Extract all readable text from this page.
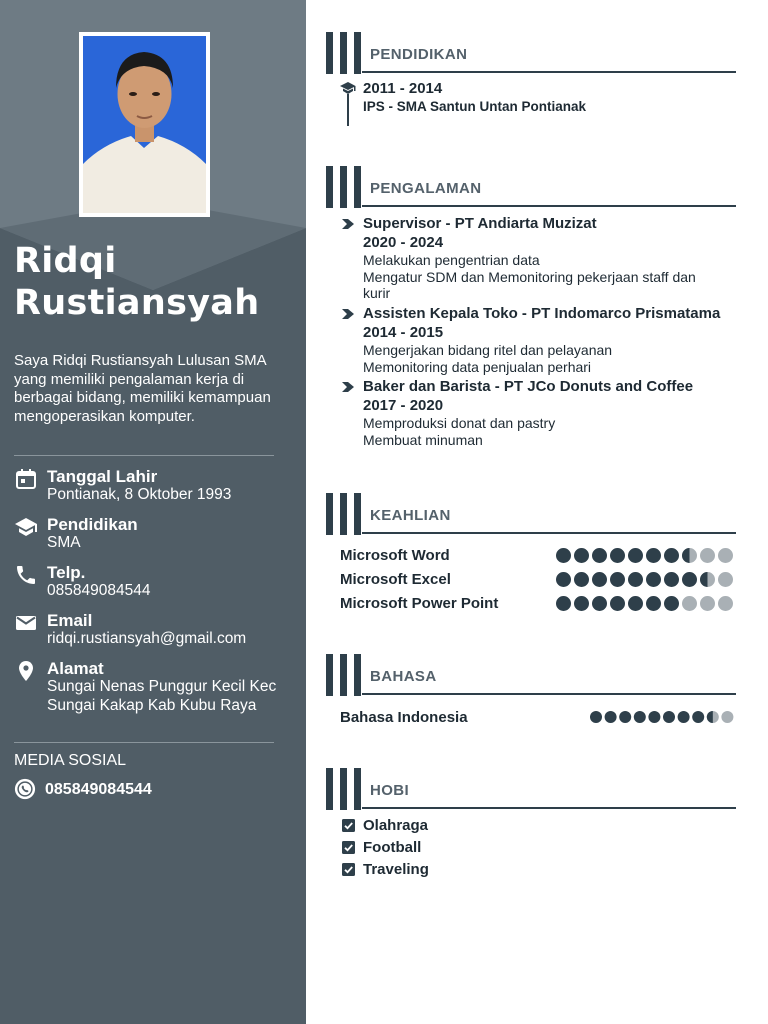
Ridqi
Rustiansyah
Saya Ridqi Rustiansyah Lulusan SMA yang memiliki pengalaman kerja di berbagai bidang, memiliki kemampuan mengoperasikan komputer.
Tanggal Lahir
Pontianak, 8 Oktober 1993
Pendidikan
SMA
Telp.
085849084544
Email
ridqi.rustiansyah@gmail.com
Alamat
Sungai Nenas Punggur Kecil Kec Sungai Kakap Kab Kubu Raya
MEDIA SOSIAL
085849084544
PENDIDIKAN
2011 - 2014
IPS - SMA Santun Untan Pontianak
PENGALAMAN
Supervisor - PT Andiarta Muzizat
2020 - 2024
Melakukan pengentrian data
Mengatur SDM dan Memonitoring pekerjaan staff dan kurir
Assisten Kepala Toko - PT Indomarco Prismatama
2014 - 2015
Mengerjakan bidang ritel dan pelayanan
Memonitoring data penjualan perhari
Baker dan Barista - PT JCo Donuts and Coffee
2017 - 2020
Memproduksi donat dan pastry
Membuat minuman
KEAHLIAN
Microsoft Word
Microsoft Excel
Microsoft Power Point
BAHASA
Bahasa Indonesia
HOBI
Olahraga
Football
Traveling
